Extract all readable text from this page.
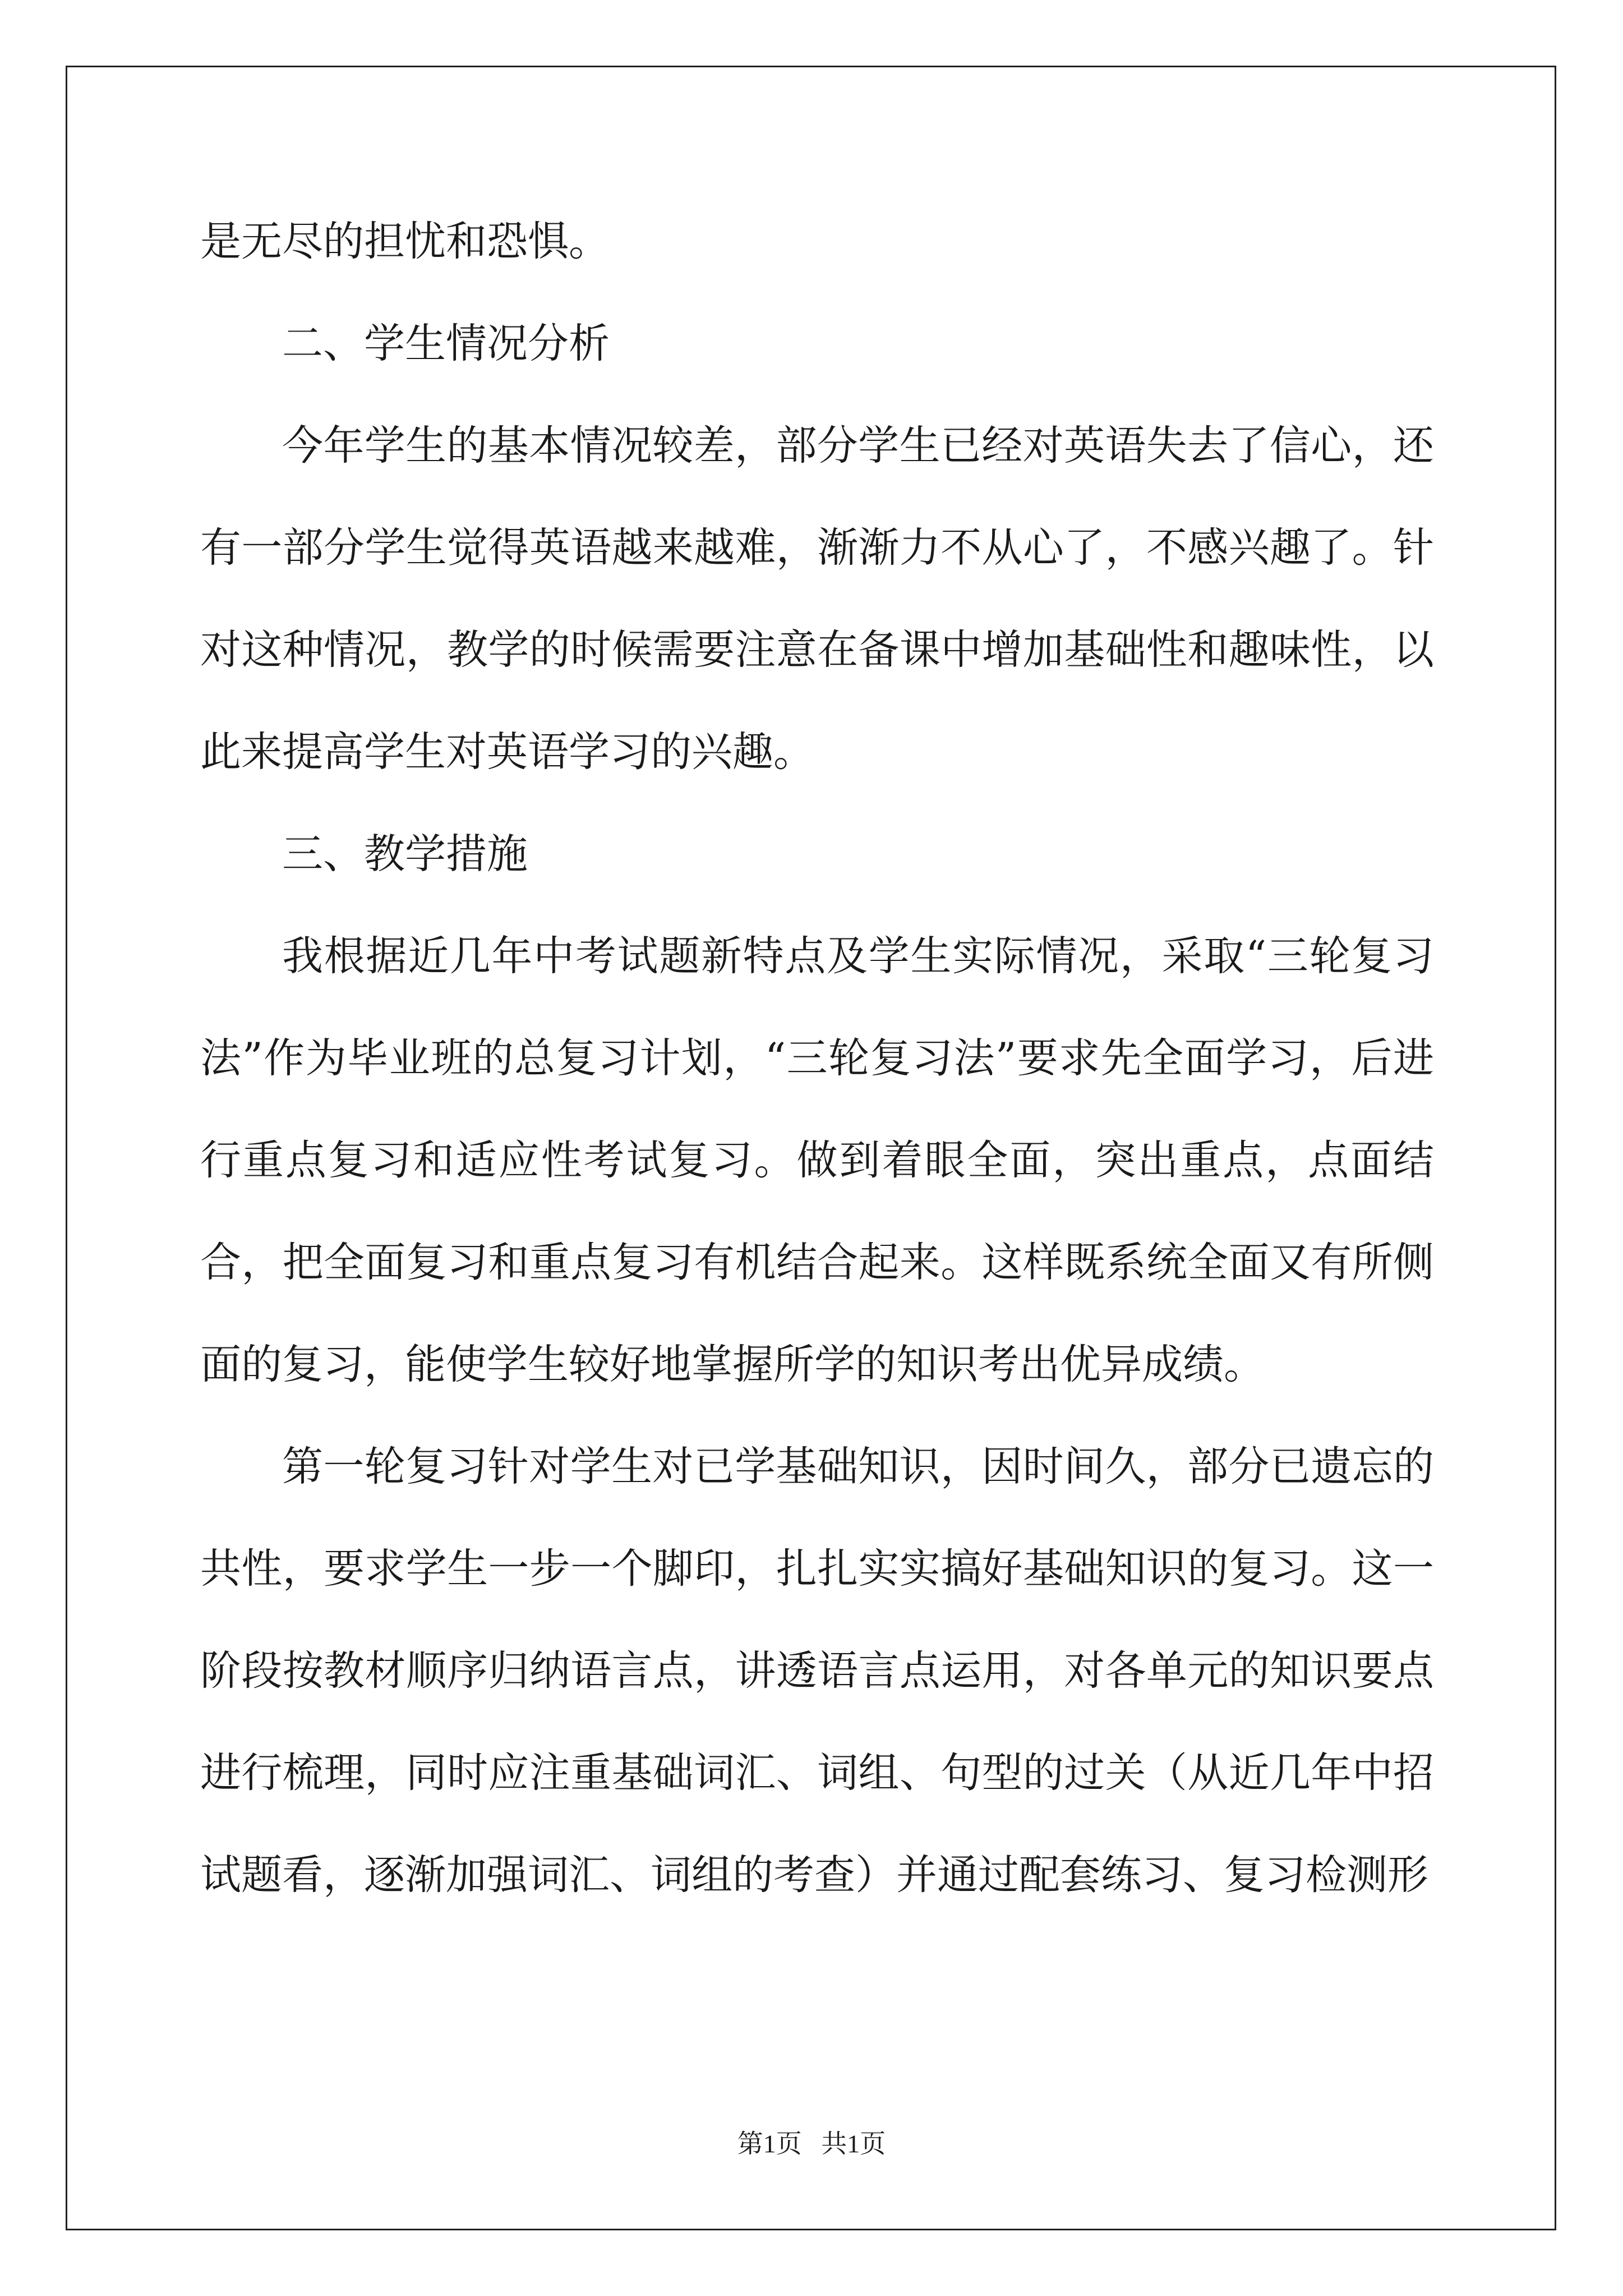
是无尽的担忧和恐惧。

二、学生情况分析

今年学生的基本情况较差，部分学生已经对英语失去了信心，还有一部分学生觉得英语越来越难，渐渐力不从心了，不感兴趣了。针对这种情况，教学的时候需要注意在备课中增加基础性和趣味性，以此来提高学生对英语学习的兴趣。

三、教学措施

我根据近几年中考试题新特点及学生实际情况，采取“三轮复习法”作为毕业班的总复习计划，“三轮复习法”要求先全面学习，后进行重点复习和适应性考试复习。做到着眼全面，突出重点，点面结合，把全面复习和重点复习有机结合起来。这样既系统全面又有所侧面的复习，能使学生较好地掌握所学的知识考出优异成绩。

第一轮复习针对学生对已学基础知识，因时间久，部分已遗忘的共性，要求学生一步一个脚印，扎扎实实搞好基础知识的复习。这一阶段按教材顺序归纳语言点，讲透语言点运用，对各单元的知识要点进行梳理，同时应注重基础词汇、词组、句型的过关（从近几年中招试题看，逐渐加强词汇、词组的考查）并通过配套练习、复习检测形

第1页   共1页
